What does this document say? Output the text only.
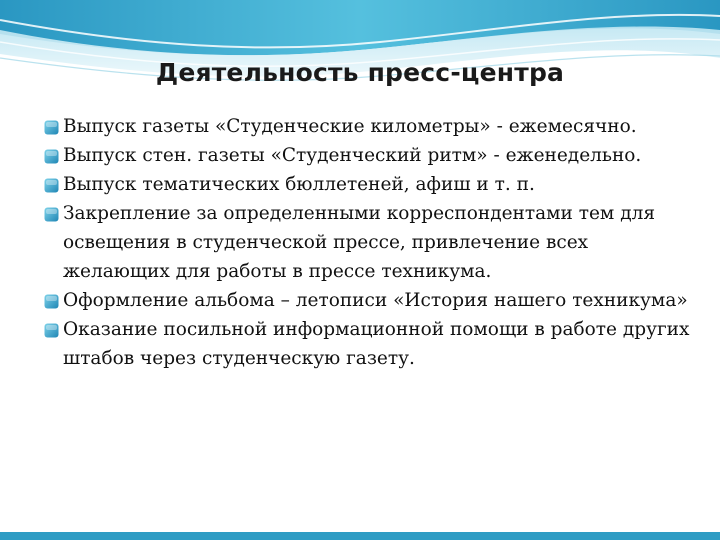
Деятельность пресс-центра
Выпуск газеты «Студенческие километры» - ежемесячно.
Выпуск стен. газеты «Студенческий ритм» - еженедельно.
Выпуск тематических бюллетеней, афиш и т. п.
Закрепление за определенными корреспондентами тем для освещения в студенческой прессе, привлечение всех желающих для работы в прессе техникума.
Оформление альбома – летописи «История нашего техникума»
Оказание посильной информационной помощи в работе других штабов через студенческую газету.
